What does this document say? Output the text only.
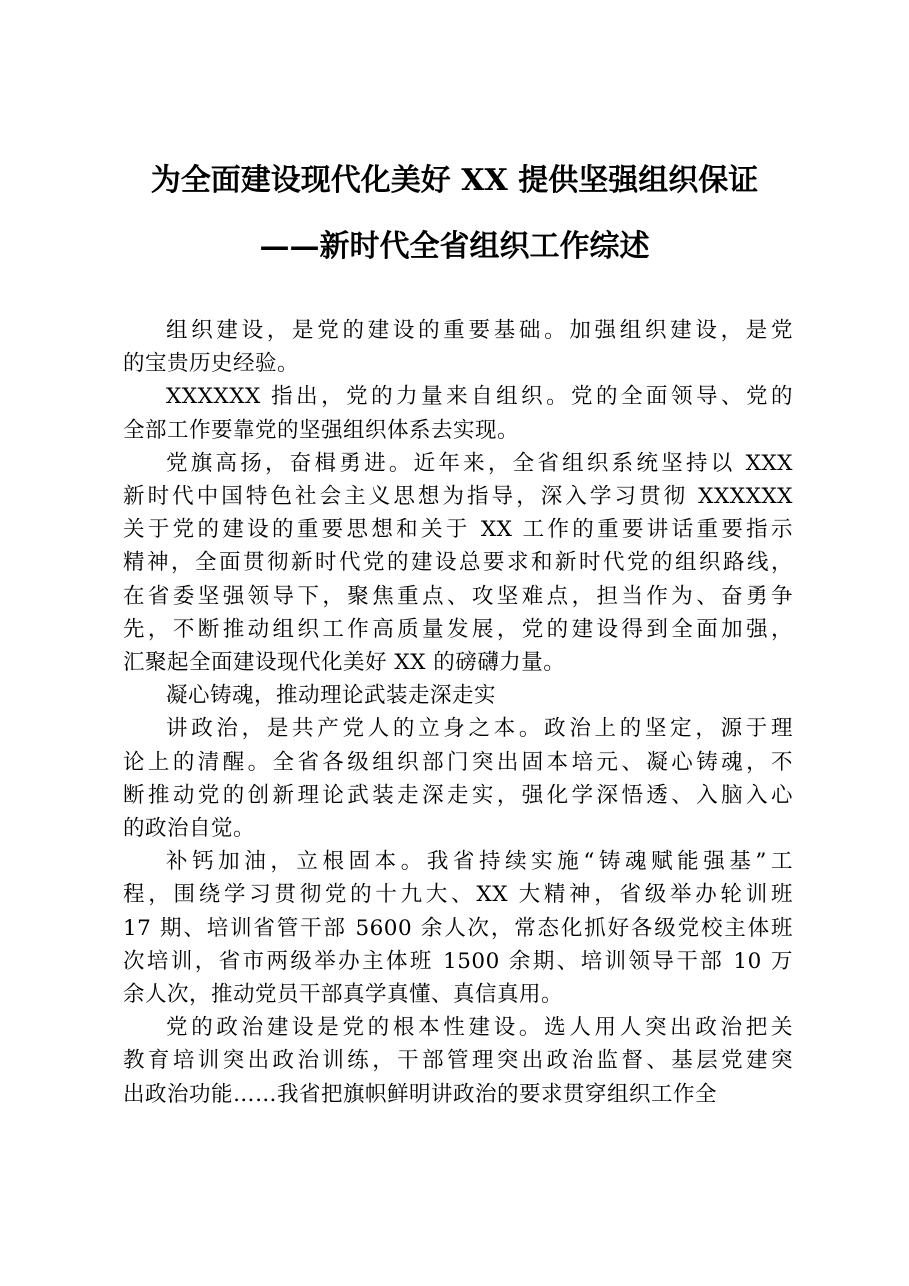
为全面建设现代化美好 XX 提供坚强组织保证
——新时代全省组织工作综述

组织建设，是党的建设的重要基础。加强组织建设，是党
的宝贵历史经验。

XXXXXX 指出，党的力量来自组织。党的全面领导、党的
全部工作要靠党的坚强组织体系去实现。

党旗高扬，奋楫勇进。近年来，全省组织系统坚持以 XXX
新时代中国特色社会主义思想为指导，深入学习贯彻 XXXXXX
关于党的建设的重要思想和关于 XX 工作的重要讲话重要指示
精神，全面贯彻新时代党的建设总要求和新时代党的组织路线，
在省委坚强领导下，聚焦重点、攻坚难点，担当作为、奋勇争
先，不断推动组织工作高质量发展，党的建设得到全面加强，
汇聚起全面建设现代化美好 XX 的磅礴力量。

凝心铸魂，推动理论武装走深走实

讲政治，是共产党人的立身之本。政治上的坚定，源于理
论上的清醒。全省各级组织部门突出固本培元、凝心铸魂，不
断推动党的创新理论武装走深走实，强化学深悟透、入脑入心
的政治自觉。

补钙加油，立根固本。我省持续实施“铸魂赋能强基”工
程，围绕学习贯彻党的十九大、XX 大精神，省级举办轮训班
17 期、培训省管干部 5600 余人次，常态化抓好各级党校主体班
次培训，省市两级举办主体班 1500 余期、培训领导干部 10 万
余人次，推动党员干部真学真懂、真信真用。

党的政治建设是党的根本性建设。选人用人突出政治把关
教育培训突出政治训练，干部管理突出政治监督、基层党建突
出政治功能……我省把旗帜鲜明讲政治的要求贯穿组织工作全
